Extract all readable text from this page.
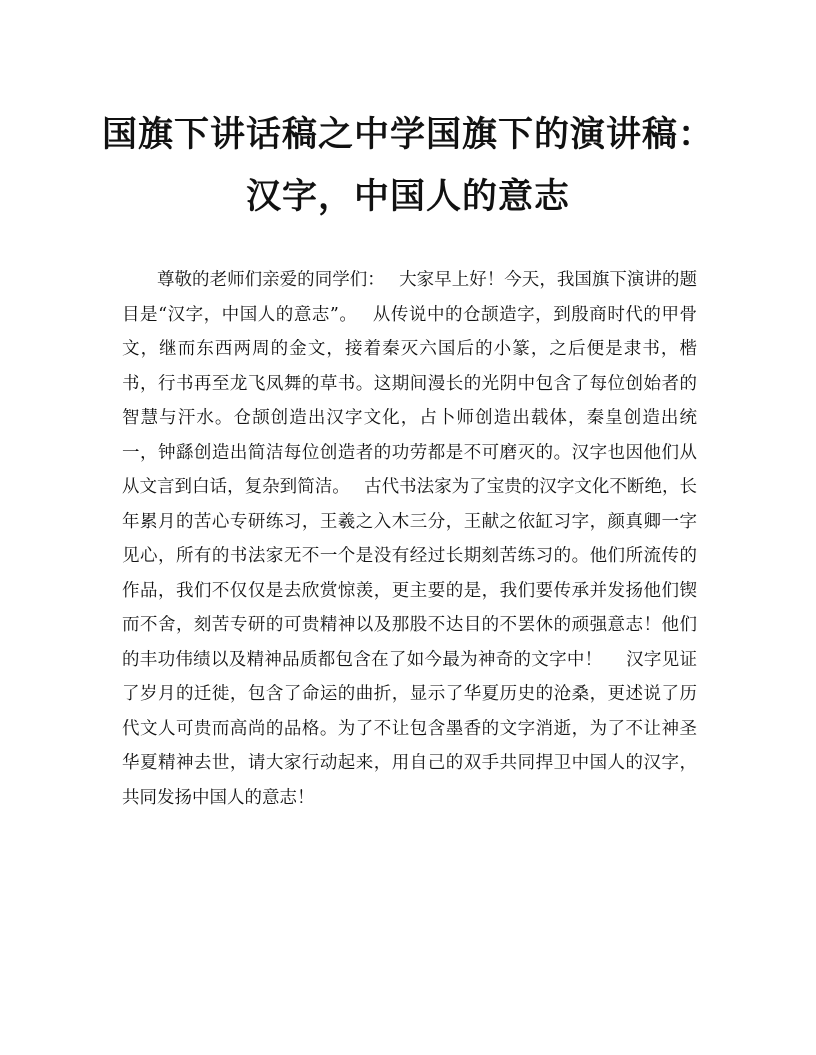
国旗下讲话稿之中学国旗下的演讲稿：
汉字，中国人的意志

尊敬的老师们亲爱的同学们：　 大家早上好！今天，我国旗下演讲的题目是“汉字，中国人的意志”。　 从传说中的仓颉造字，到殷商时代的甲骨文，继而东西两周的金文，接着秦灭六国后的小篆，之后便是隶书，楷书，行书再至龙飞凤舞的草书。这期间漫长的光阴中包含了每位创始者的智慧与汗水。仓颉创造出汉字文化，占卜师创造出载体，秦皇创造出统一，钟繇创造出简洁每位创造者的功劳都是不可磨灭的。汉字也因他们从从文言到白话，复杂到简洁。　 古代书法家为了宝贵的汉字文化不断绝，长年累月的苦心专研练习，王羲之入木三分，王献之依缸习字，颜真卿一字见心，所有的书法家无不一个是没有经过长期刻苦练习的。他们所流传的作品，我们不仅仅是去欣赏惊羡，更主要的是，我们要传承并发扬他们锲而不舍，刻苦专研的可贵精神以及那股不达目的不罢休的顽强意志！他们的丰功伟绩以及精神品质都包含在了如今最为神奇的文字中！　 汉字见证了岁月的迁徙，包含了命运的曲折，显示了华夏历史的沧桑，更述说了历代文人可贵而高尚的品格。为了不让包含墨香的文字消逝，为了不让神圣华夏精神去世，请大家行动起来，用自己的双手共同捍卫中国人的汉字，共同发扬中国人的意志！
